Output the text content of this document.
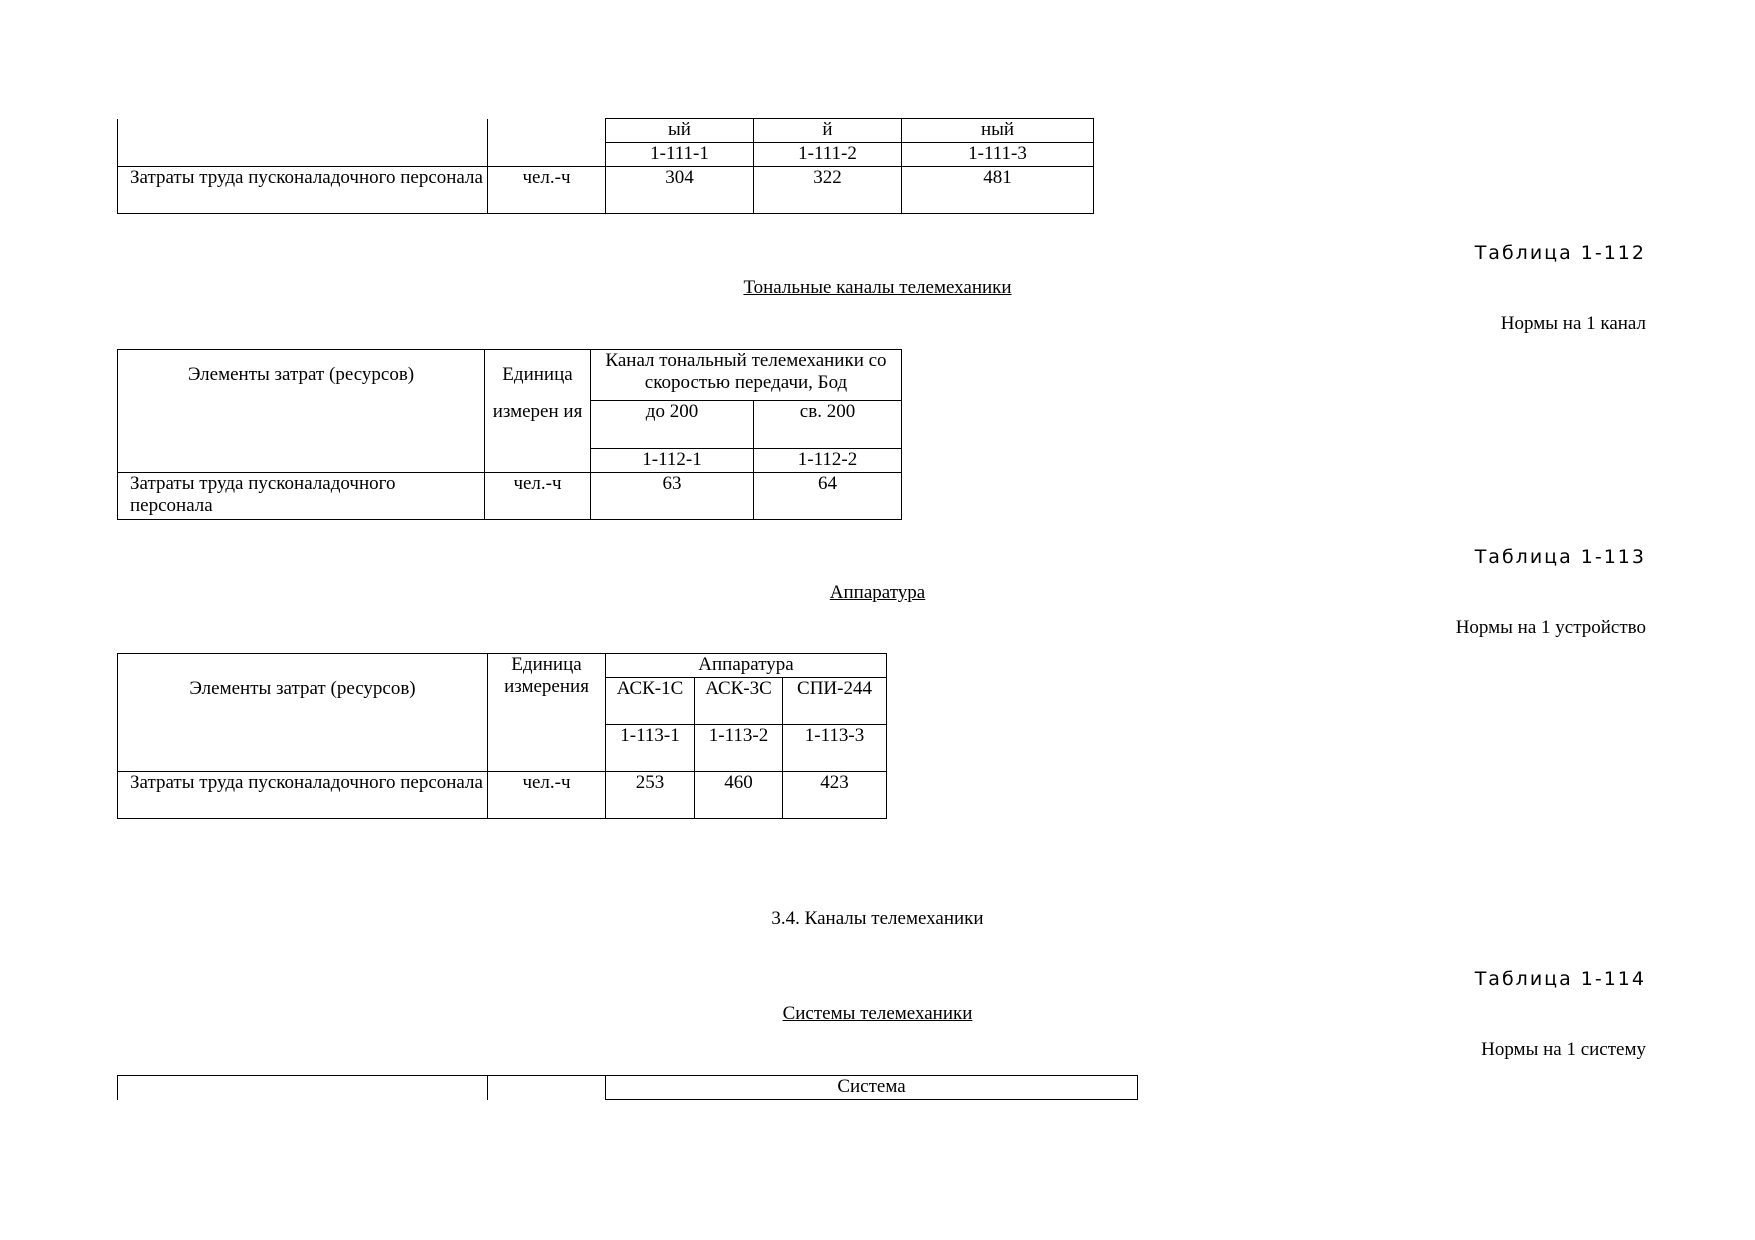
		ый	й	ный
		1-111-1	1-111-2	1-111-3
Затраты труда пусконаладочного персонала	чел.-ч	304	322	481
Таблица 1-112
Тональные каналы телемеханики
Нормы на 1 канал
Элементы затрат (ресурсов)	Единица	Канал тональный телемеханики со скоростью передачи, Бод	
	измерен ия	до 200	св. 200
		1-112-1	1-112-2
Затраты труда пусконаладочного персонала	чел.-ч	63	64
Таблица 1-113
Аппаратура
Нормы на 1 устройство
Элементы затрат (ресурсов)	Единица измерения	Аппаратура		
		АСК-1С	АСК-3С	СПИ-244
		1-113-1	1-113-2	1-113-3
Затраты труда пусконаладочного персонала	чел.-ч	253	460	423
3.4. Каналы телемеханики
Таблица 1-114
Системы телемеханики
Нормы на 1 систему
		Система
